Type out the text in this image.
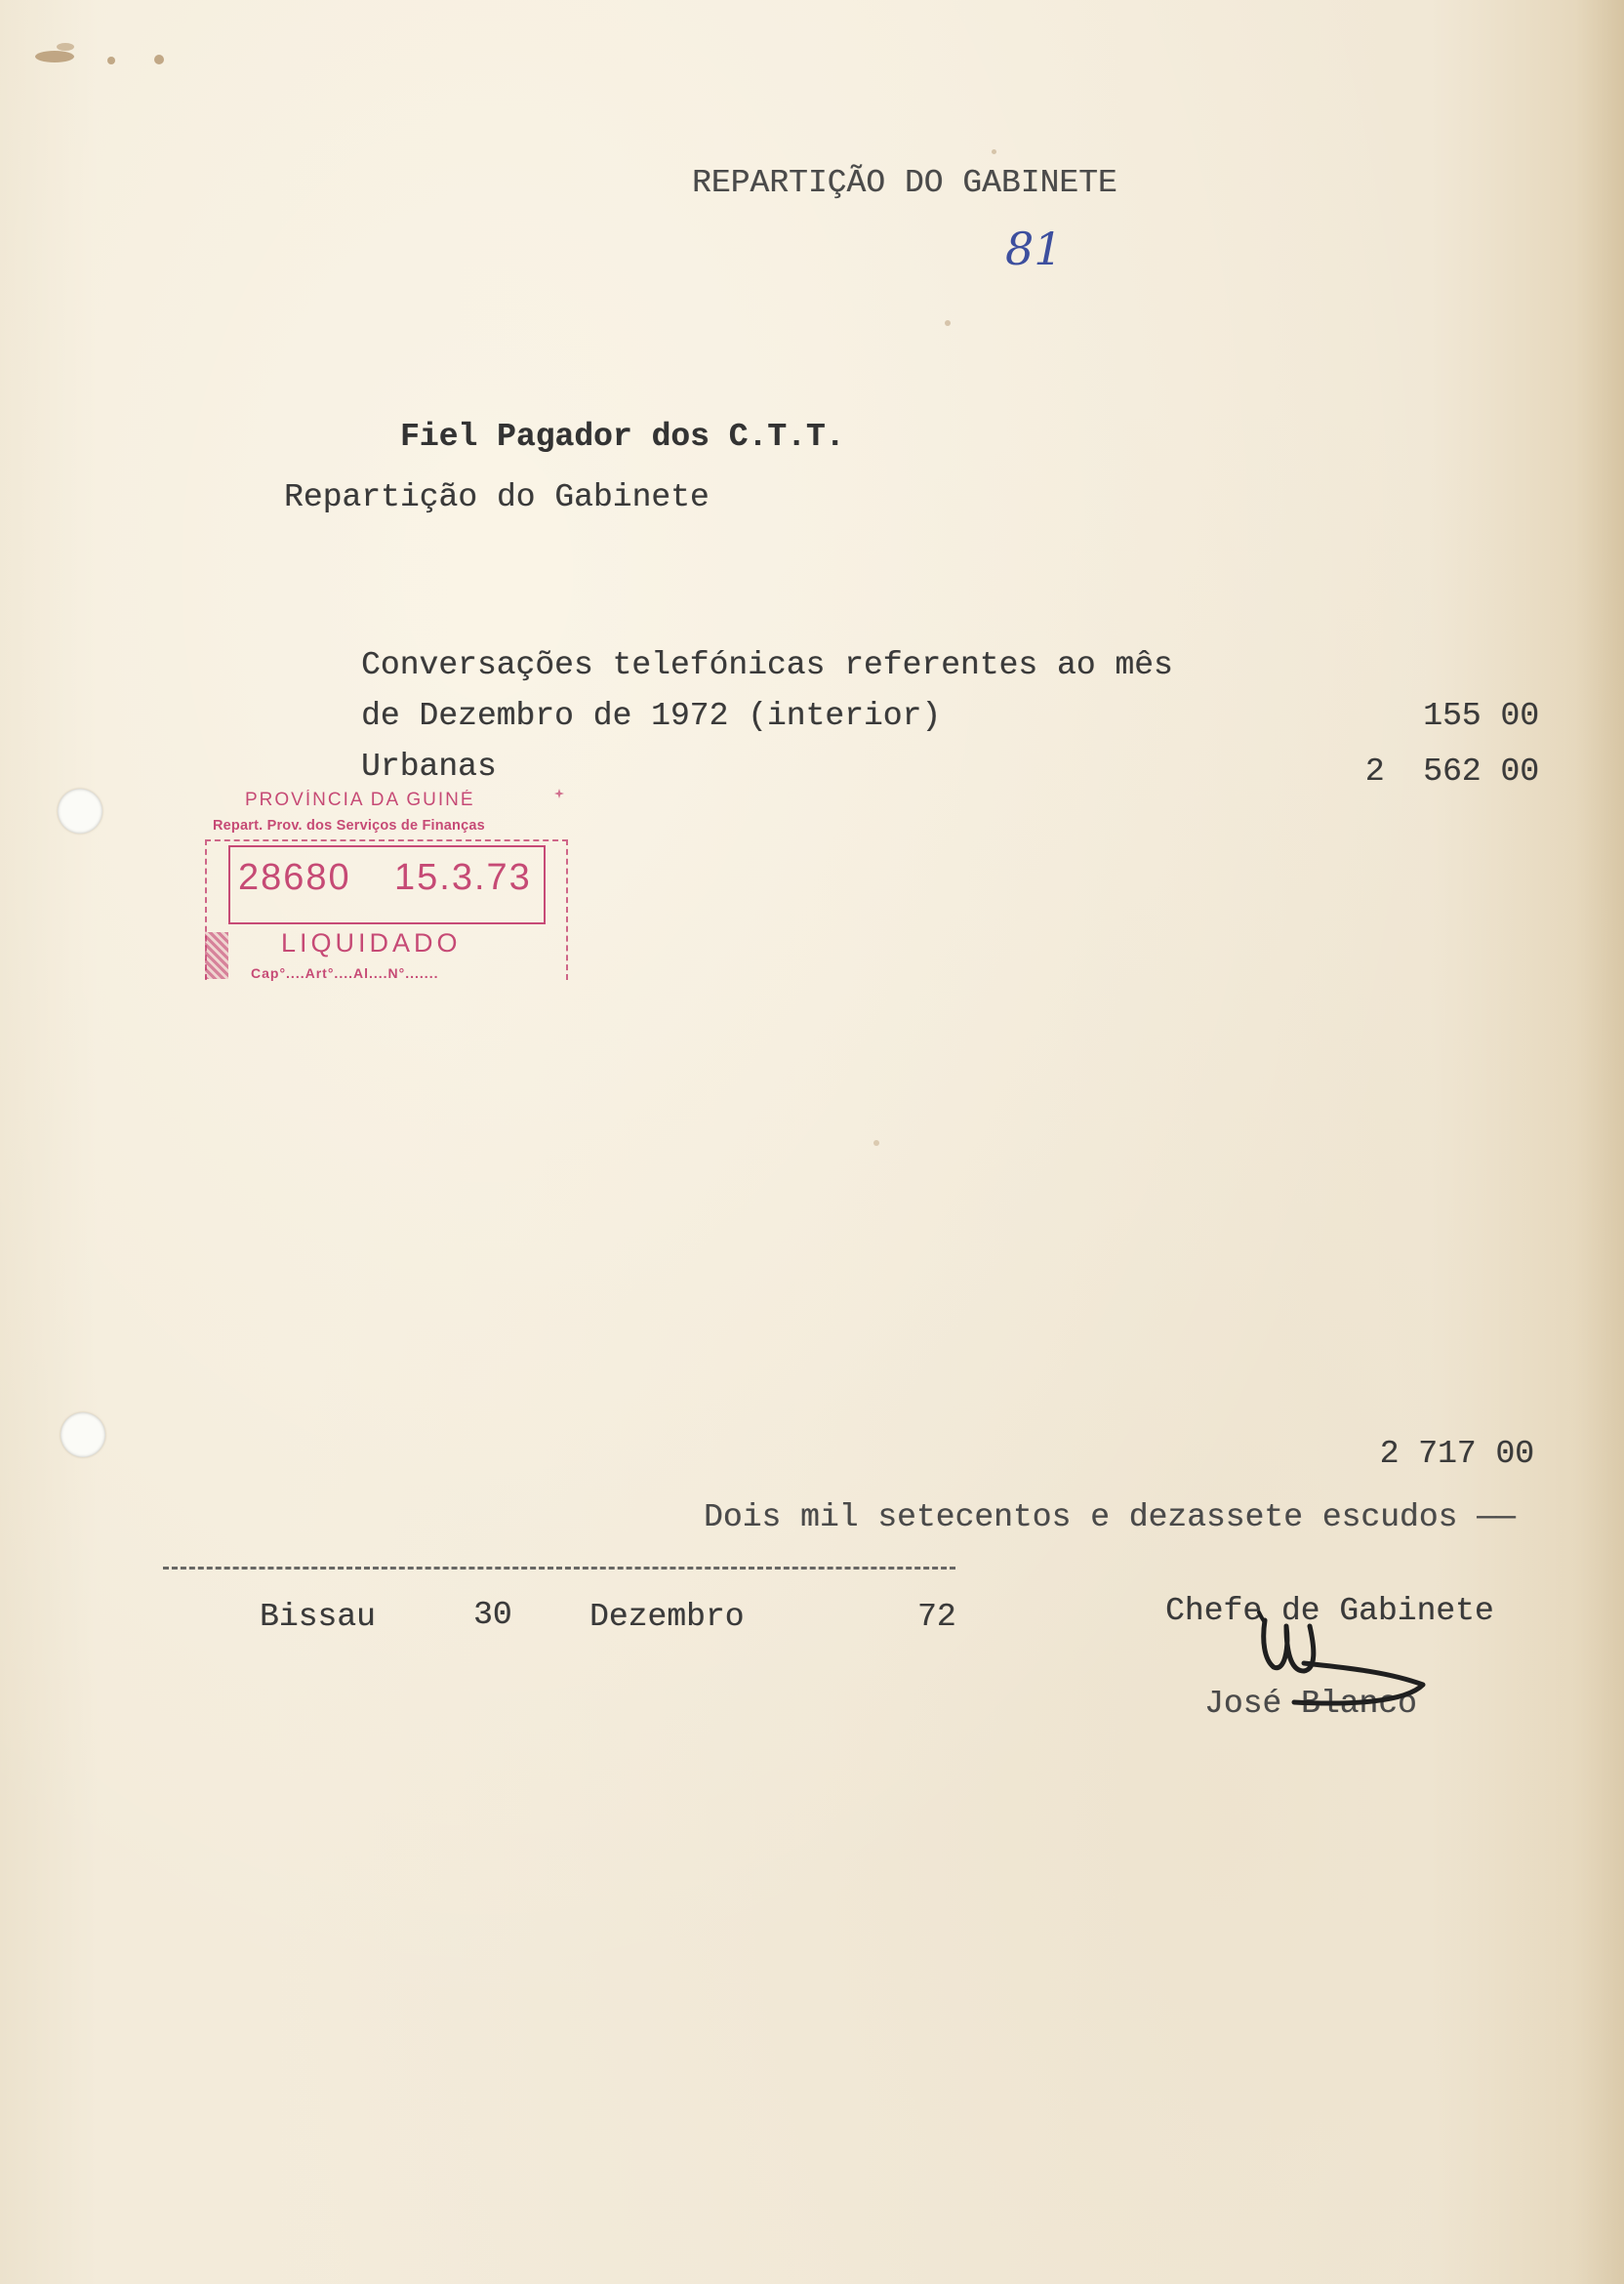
REPARTIÇÃO DO GABINETE
81
Fiel Pagador dos C.T.T.
Repartição do Gabinete
Conversações telefónicas referentes ao mês
de Dezembro de 1972 (interior)	155 00
Urbanas	2  562 00
PROVÍNCIA DA GUINÉ
Repart. Prov. dos Serviços de Finanças
28680 15.3.73
LIQUIDADO
Cap°....Art°....Al....N°.......
2 717 00
Dois mil setecentos e dezassete escudos ——
Bissau	30 Dezembro	72	Chefe de Gabinete
José Blanco
